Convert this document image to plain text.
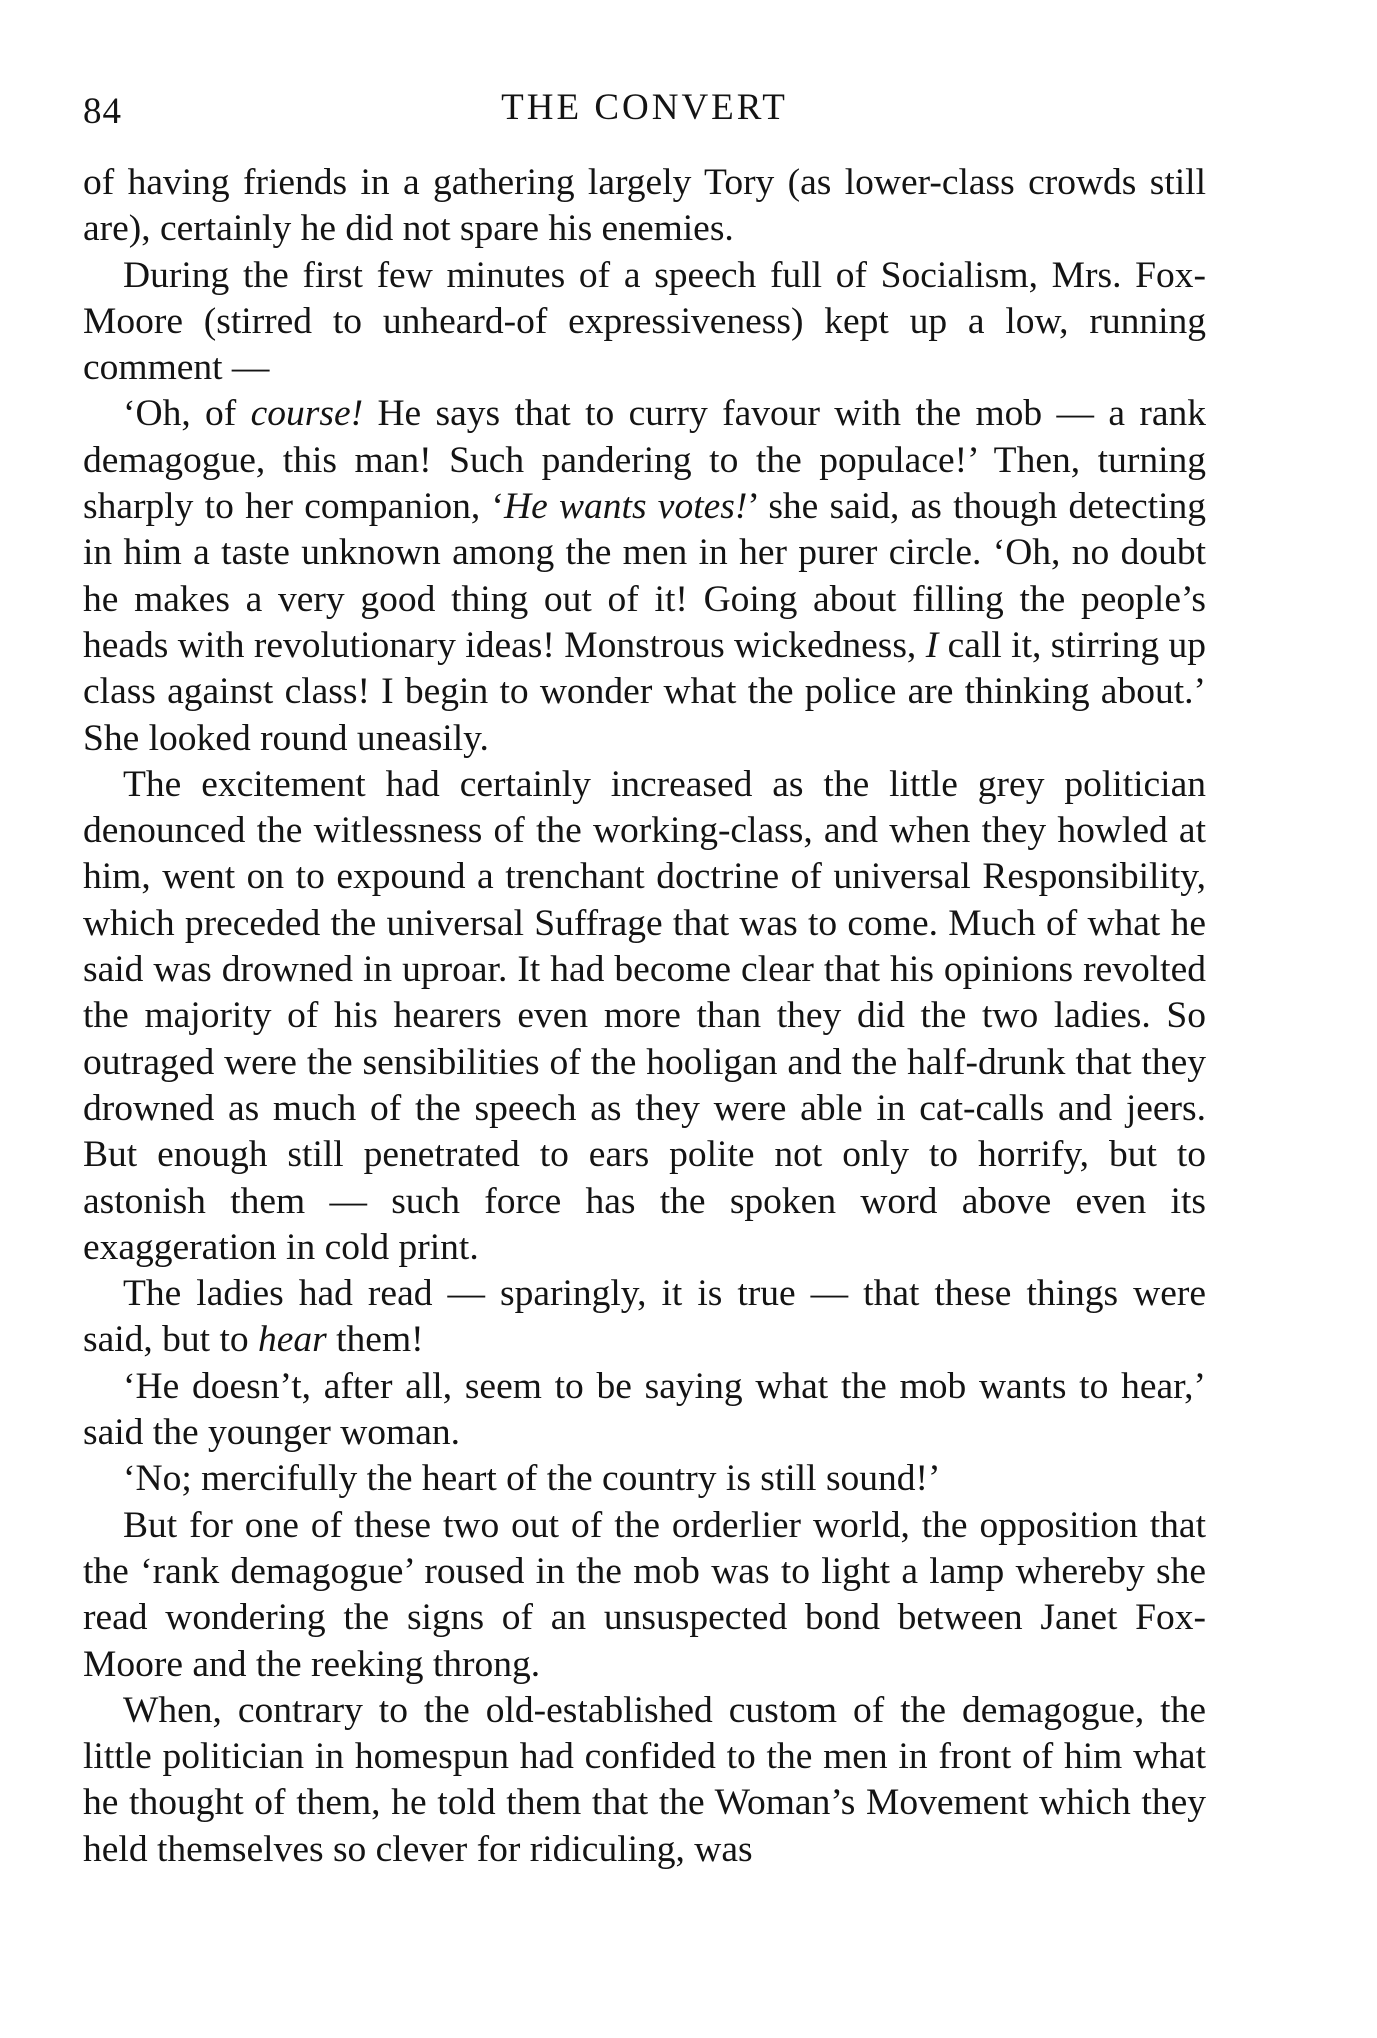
84	THE CONVERT

of having friends in a gathering largely Tory (as lower-class crowds still are), certainly he did not spare his enemies.

During the first few minutes of a speech full of Socialism, Mrs. Fox-Moore (stirred to unheard-of expressiveness) kept up a low, running comment —

‘Oh, of course! He says that to curry favour with the mob — a rank demagogue, this man! Such pandering to the populace!’ Then, turning sharply to her companion, ‘He wants votes!’ she said, as though detecting in him a taste unknown among the men in her purer circle. ‘Oh, no doubt he makes a very good thing out of it! Going about filling the people’s heads with revolutionary ideas! Monstrous wickedness, I call it, stirring up class against class! I begin to wonder what the police are thinking about.’ She looked round uneasily.

The excitement had certainly increased as the little grey politician denounced the witlessness of the working-class, and when they howled at him, went on to expound a trenchant doctrine of universal Responsibility, which preceded the universal Suffrage that was to come. Much of what he said was drowned in uproar. It had become clear that his opinions revolted the majority of his hearers even more than they did the two ladies. So outraged were the sensibilities of the hooligan and the half-drunk that they drowned as much of the speech as they were able in cat-calls and jeers. But enough still penetrated to ears polite not only to horrify, but to astonish them — such force has the spoken word above even its exaggeration in cold print.

The ladies had read — sparingly, it is true — that these things were said, but to hear them!

‘He doesn’t, after all, seem to be saying what the mob wants to hear,’ said the younger woman.

‘No; mercifully the heart of the country is still sound!’

But for one of these two out of the orderlier world, the opposition that the ‘rank demagogue’ roused in the mob was to light a lamp whereby she read wondering the signs of an unsuspected bond between Janet Fox-Moore and the reeking throng.

When, contrary to the old-established custom of the demagogue, the little politician in homespun had confided to the men in front of him what he thought of them, he told them that the Woman’s Movement which they held themselves so clever for ridiculing, was
